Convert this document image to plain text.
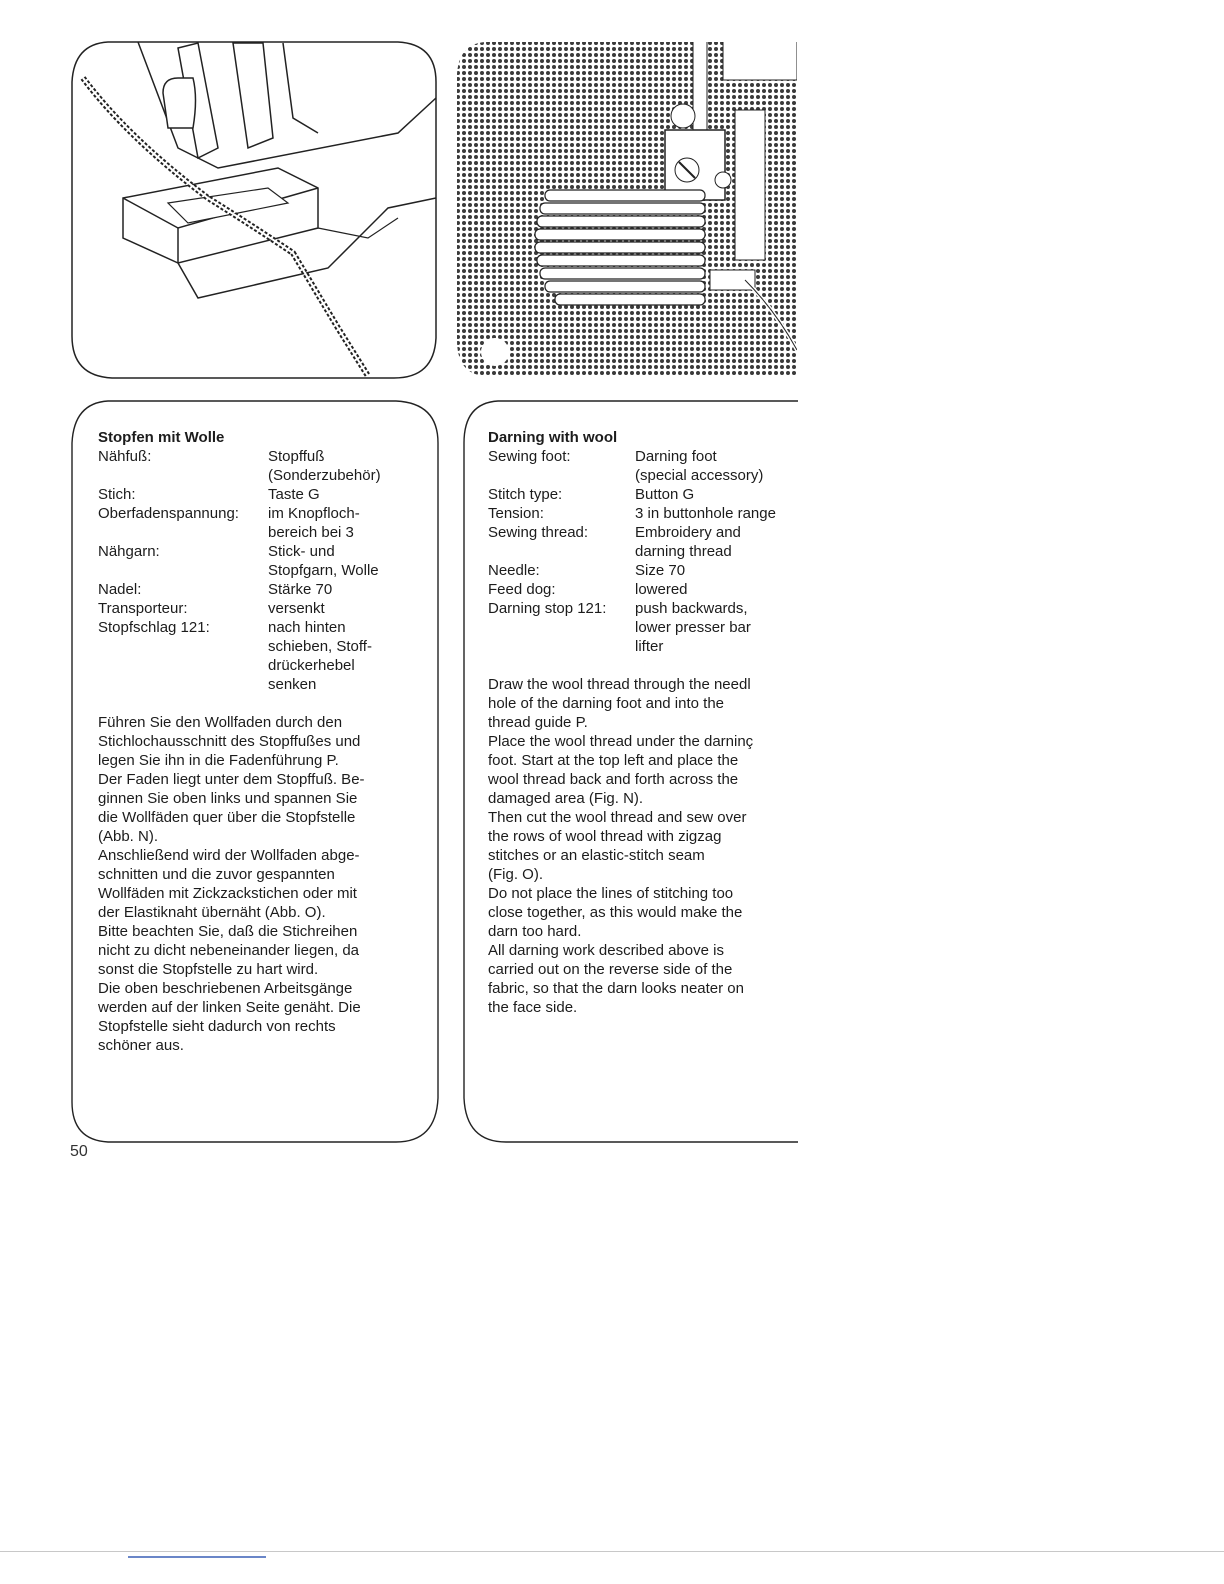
Stopfen mit Wolle
Nähfuß:	Stopffuß
(Sonderzubehör)
Stich:	Taste G
Oberfadenspannung:	im Knopfloch-
bereich bei 3
Nähgarn:	Stick- und
Stopfgarn, Wolle
Nadel:	Stärke 70
Transporteur:	versenkt
Stopfschlag 121:	nach hinten
schieben, Stoff-
drückerhebel
senken
Führen Sie den Wollfaden durch den
Stichlochausschnitt des Stopffußes und
legen Sie ihn in die Fadenführung P.
Der Faden liegt unter dem Stopffuß. Be-
ginnen Sie oben links und spannen Sie
die Wollfäden quer über die Stopfstelle
(Abb. N).
Anschließend wird der Wollfaden abge-
schnitten und die zuvor gespannten
Wollfäden mit Zickzackstichen oder mit
der Elastiknaht übernäht (Abb. O).
Bitte beachten Sie, daß die Stichreihen
nicht zu dicht nebeneinander liegen, da
sonst die Stopfstelle zu hart wird.
Die oben beschriebenen Arbeitsgänge
werden auf der linken Seite genäht. Die
Stopfstelle sieht dadurch von rechts
schöner aus.
Darning with wool
Sewing foot:	Darning foot
(special accessory)
Stitch type:	Button G
Tension:	3 in buttonhole range
Sewing thread:	Embroidery and
darning thread
Needle:	Size 70
Feed dog:	lowered
Darning stop 121:	push backwards,
lower presser bar
lifter
Draw the wool thread through the needl
hole of the darning foot and into the
thread guide P.
Place the wool thread under the darninç
foot. Start at the top left and place the
wool thread back and forth across the
damaged area (Fig. N).
Then cut the wool thread and sew over
the rows of wool thread with zigzag
stitches or an elastic-stitch seam
(Fig. O).
Do not place the lines of stitching too
close together, as this would make the
darn too hard.
All darning work described above is
carried out on the reverse side of the
fabric, so that the darn looks neater on
the face side.
50
